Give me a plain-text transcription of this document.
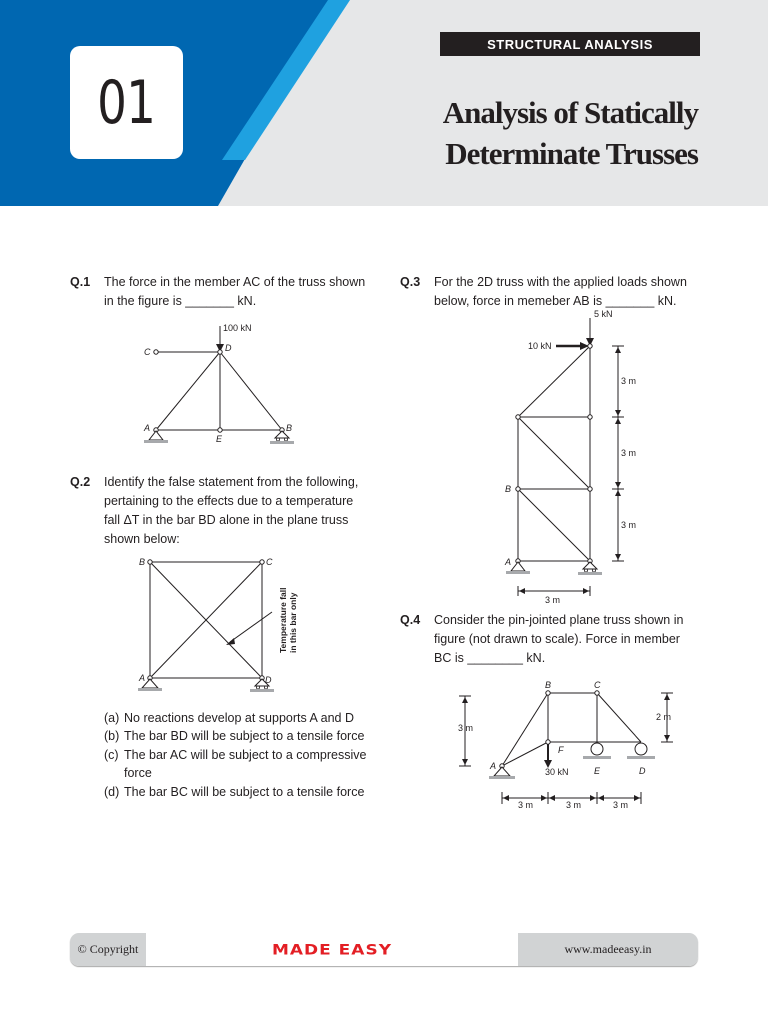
01
STRUCTURAL ANALYSIS
Analysis of Statically
Determinate Trusses
Q.1 The force in the member AC of the truss shown
in the figure is _______ kN.
100 kN
C	D
A
E
B
Q.2 Identify the false statement from the following,
pertaining to the effects due to a temperature
fall ΔT in the bar BD alone in the plane truss
shown below:
B	C
A	D
Temperature fall in this bar only
(a) No reactions develop at supports A and D
(b) The bar BD will be subject to a tensile force
(c) The bar AC will be subject to a compressive
force
(d) The bar BC will be subject to a tensile force
Q.3 For the 2D truss with the applied loads shown
below, force in memeber AB is _______ kN.
5 kN
10 kN
3 m
3 m
3 m
3 m
B
A
Q.4 Consider the pin-jointed plane truss shown in
figure (not drawn to scale). Force in member
BC is ________ kN.
B	C
A
F
E	D
30 kN
3 m
2 m
3 m	3 m	3 m
© Copyright	MADE EASY	www.madeeasy.in
